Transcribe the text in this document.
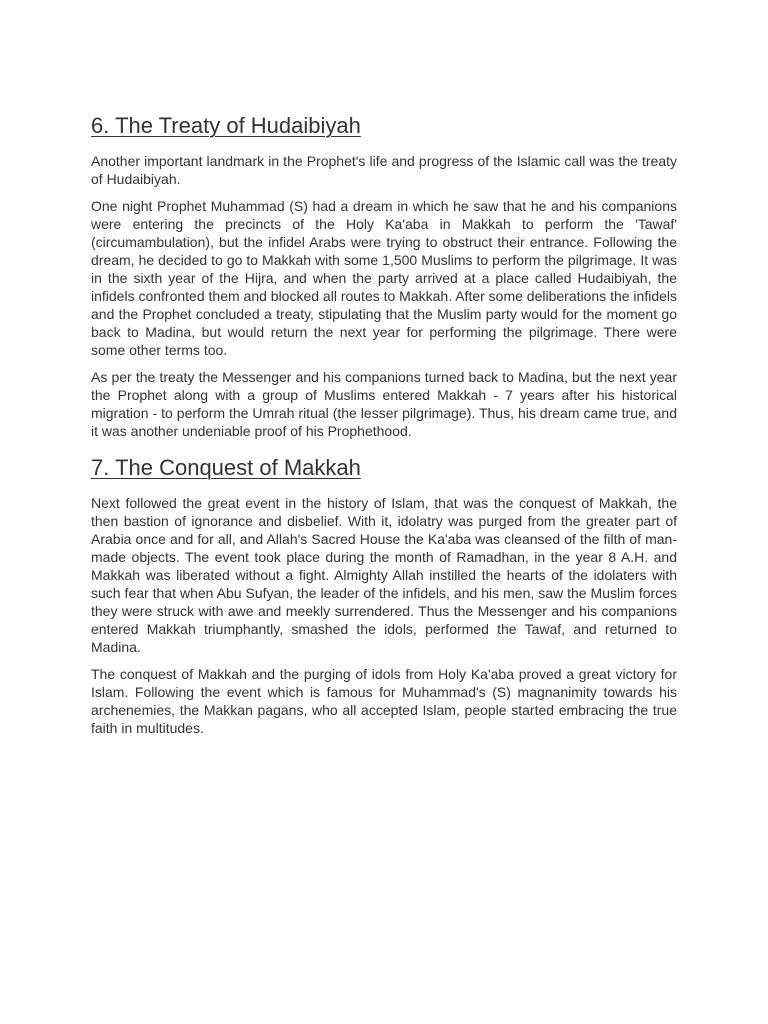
6. The Treaty of Hudaibiyah

Another important landmark in the Prophet's life and progress of the Islamic call was the treaty of Hudaibiyah.

One night Prophet Muhammad (S) had a dream in which he saw that he and his companions were entering the precincts of the Holy Ka'aba in Makkah to perform the 'Tawaf' (circumambulation), but the infidel Arabs were trying to obstruct their entrance. Following the dream, he decided to go to Makkah with some 1,500 Muslims to perform the pilgrimage. It was in the sixth year of the Hijra, and when the party arrived at a place called Hudaibiyah, the infidels confronted them and blocked all routes to Makkah. After some deliberations the infidels and the Prophet concluded a treaty, stipulating that the Muslim party would for the moment go back to Madina, but would return the next year for performing the pilgrimage. There were some other terms too.

As per the treaty the Messenger and his companions turned back to Madina, but the next year the Prophet along with a group of Muslims entered Makkah - 7 years after his historical migration - to perform the Umrah ritual (the lesser pilgrimage). Thus, his dream came true, and it was another undeniable proof of his Prophethood.

7. The Conquest of Makkah

Next followed the great event in the history of Islam, that was the conquest of Makkah, the then bastion of ignorance and disbelief. With it, idolatry was purged from the greater part of Arabia once and for all, and Allah's Sacred House the Ka'aba was cleansed of the filth of man-made objects. The event took place during the month of Ramadhan, in the year 8 A.H. and Makkah was liberated without a fight. Almighty Allah instilled the hearts of the idolaters with such fear that when Abu Sufyan, the leader of the infidels, and his men, saw the Muslim forces they were struck with awe and meekly surrendered. Thus the Messenger and his companions entered Makkah triumphantly, smashed the idols, performed the Tawaf, and returned to Madina.

The conquest of Makkah and the purging of idols from Holy Ka'aba proved a great victory for Islam. Following the event which is famous for Muhammad's (S) magnanimity towards his archenemies, the Makkan pagans, who all accepted Islam, people started embracing the true faith in multitudes.
